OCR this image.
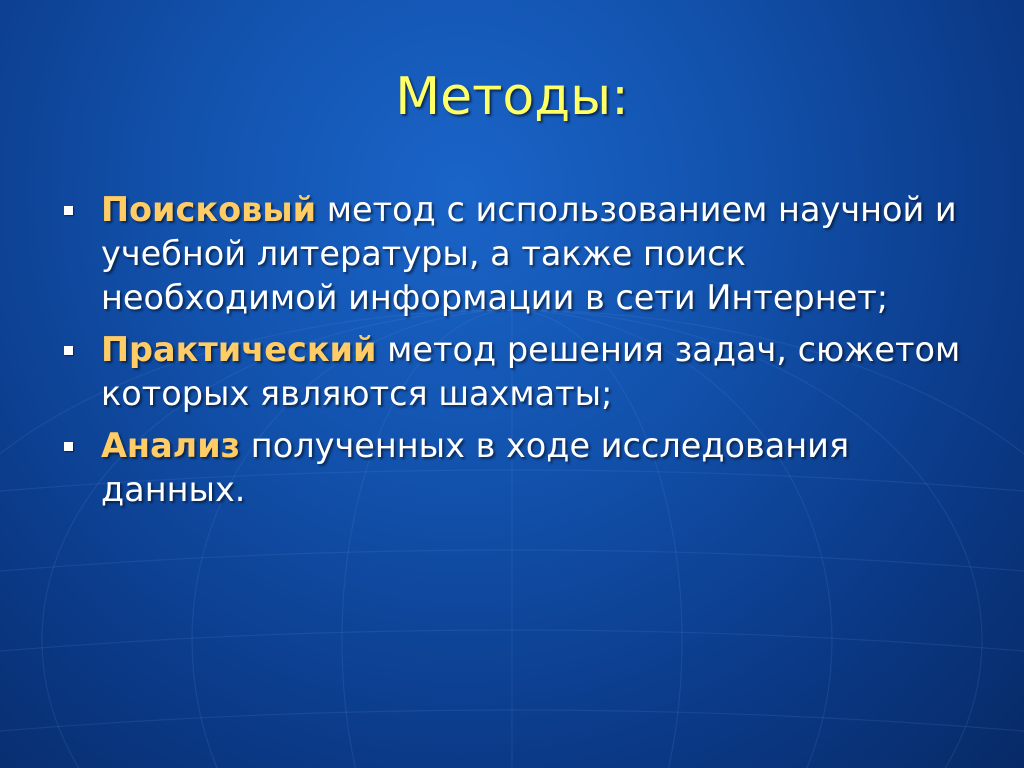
Методы:
Поисковый метод с использованием научной и учебной литературы, а также поиск необходимой информации в сети Интернет;
Практический метод решения задач, сюжетом которых являются шахматы;
Анализ полученных в ходе исследования данных.
